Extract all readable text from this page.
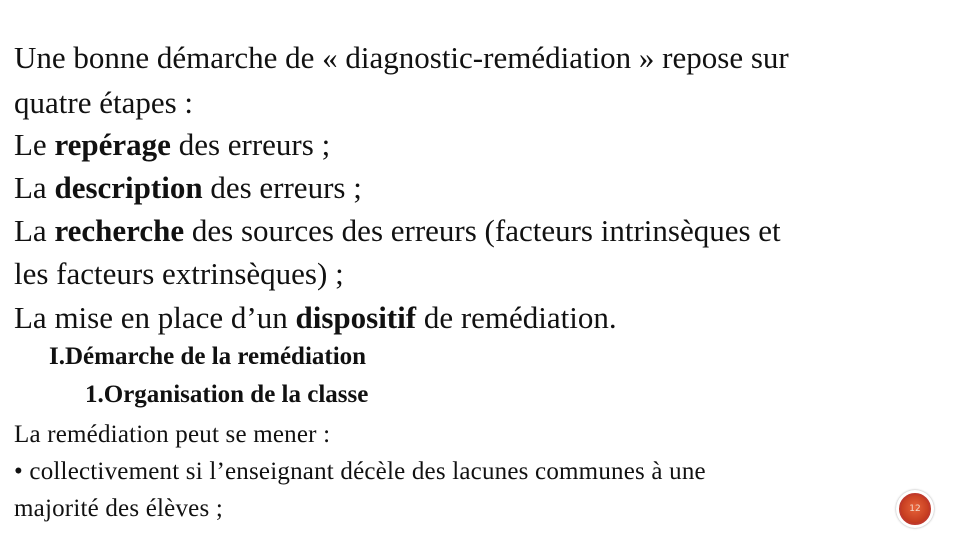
Une bonne démarche de « diagnostic-remédiation » repose sur

quatre étapes :

Le repérage des erreurs ;

La description des erreurs ;

La recherche des sources des erreurs (facteurs intrinsèques et

les facteurs extrinsèques) ;

La mise en place d’un dispositif de remédiation.

I.Démarche de la remédiation
1.Organisation de la classe

La remédiation peut se mener :

• collectivement si l’enseignant décèle des lacunes communes à une

majorité des élèves ;	12
